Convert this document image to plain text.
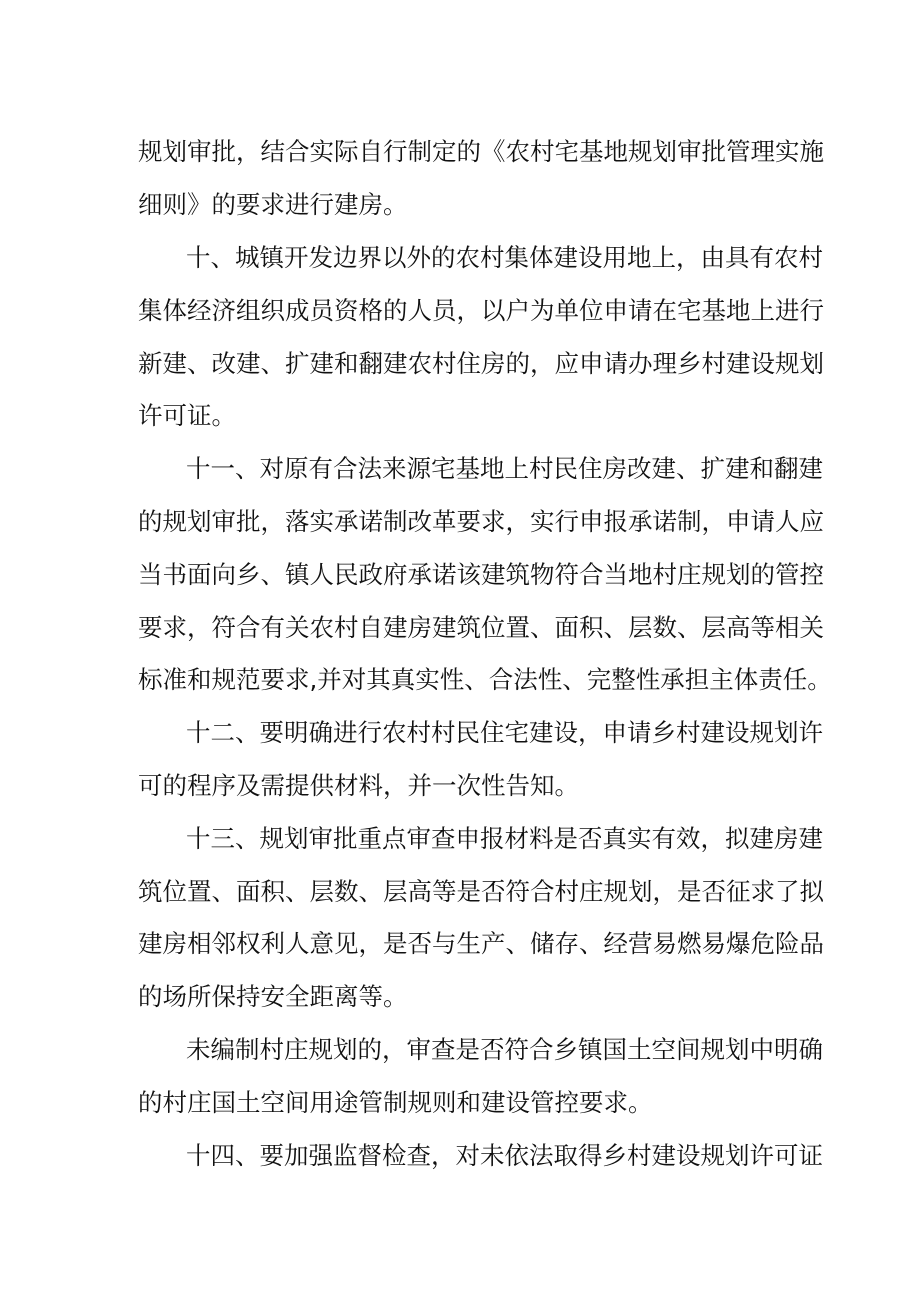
规划审批，结合实际自行制定的《农村宅基地规划审批管理实施
细则》的要求进行建房。
十、城镇开发边界以外的农村集体建设用地上，由具有农村
集体经济组织成员资格的人员，以户为单位申请在宅基地上进行
新建、改建、扩建和翻建农村住房的，应申请办理乡村建设规划
许可证。
十一、对原有合法来源宅基地上村民住房改建、扩建和翻建
的规划审批，落实承诺制改革要求，实行申报承诺制，申请人应
当书面向乡、镇人民政府承诺该建筑物符合当地村庄规划的管控
要求，符合有关农村自建房建筑位置、面积、层数、层高等相关
标准和规范要求,并对其真实性、合法性、完整性承担主体责任。
十二、要明确进行农村村民住宅建设，申请乡村建设规划许
可的程序及需提供材料，并一次性告知。
十三、规划审批重点审查申报材料是否真实有效，拟建房建
筑位置、面积、层数、层高等是否符合村庄规划，是否征求了拟
建房相邻权利人意见，是否与生产、储存、经营易燃易爆危险品
的场所保持安全距离等。
未编制村庄规划的，审查是否符合乡镇国土空间规划中明确
的村庄国土空间用途管制规则和建设管控要求。
十四、要加强监督检查，对未依法取得乡村建设规划许可证
